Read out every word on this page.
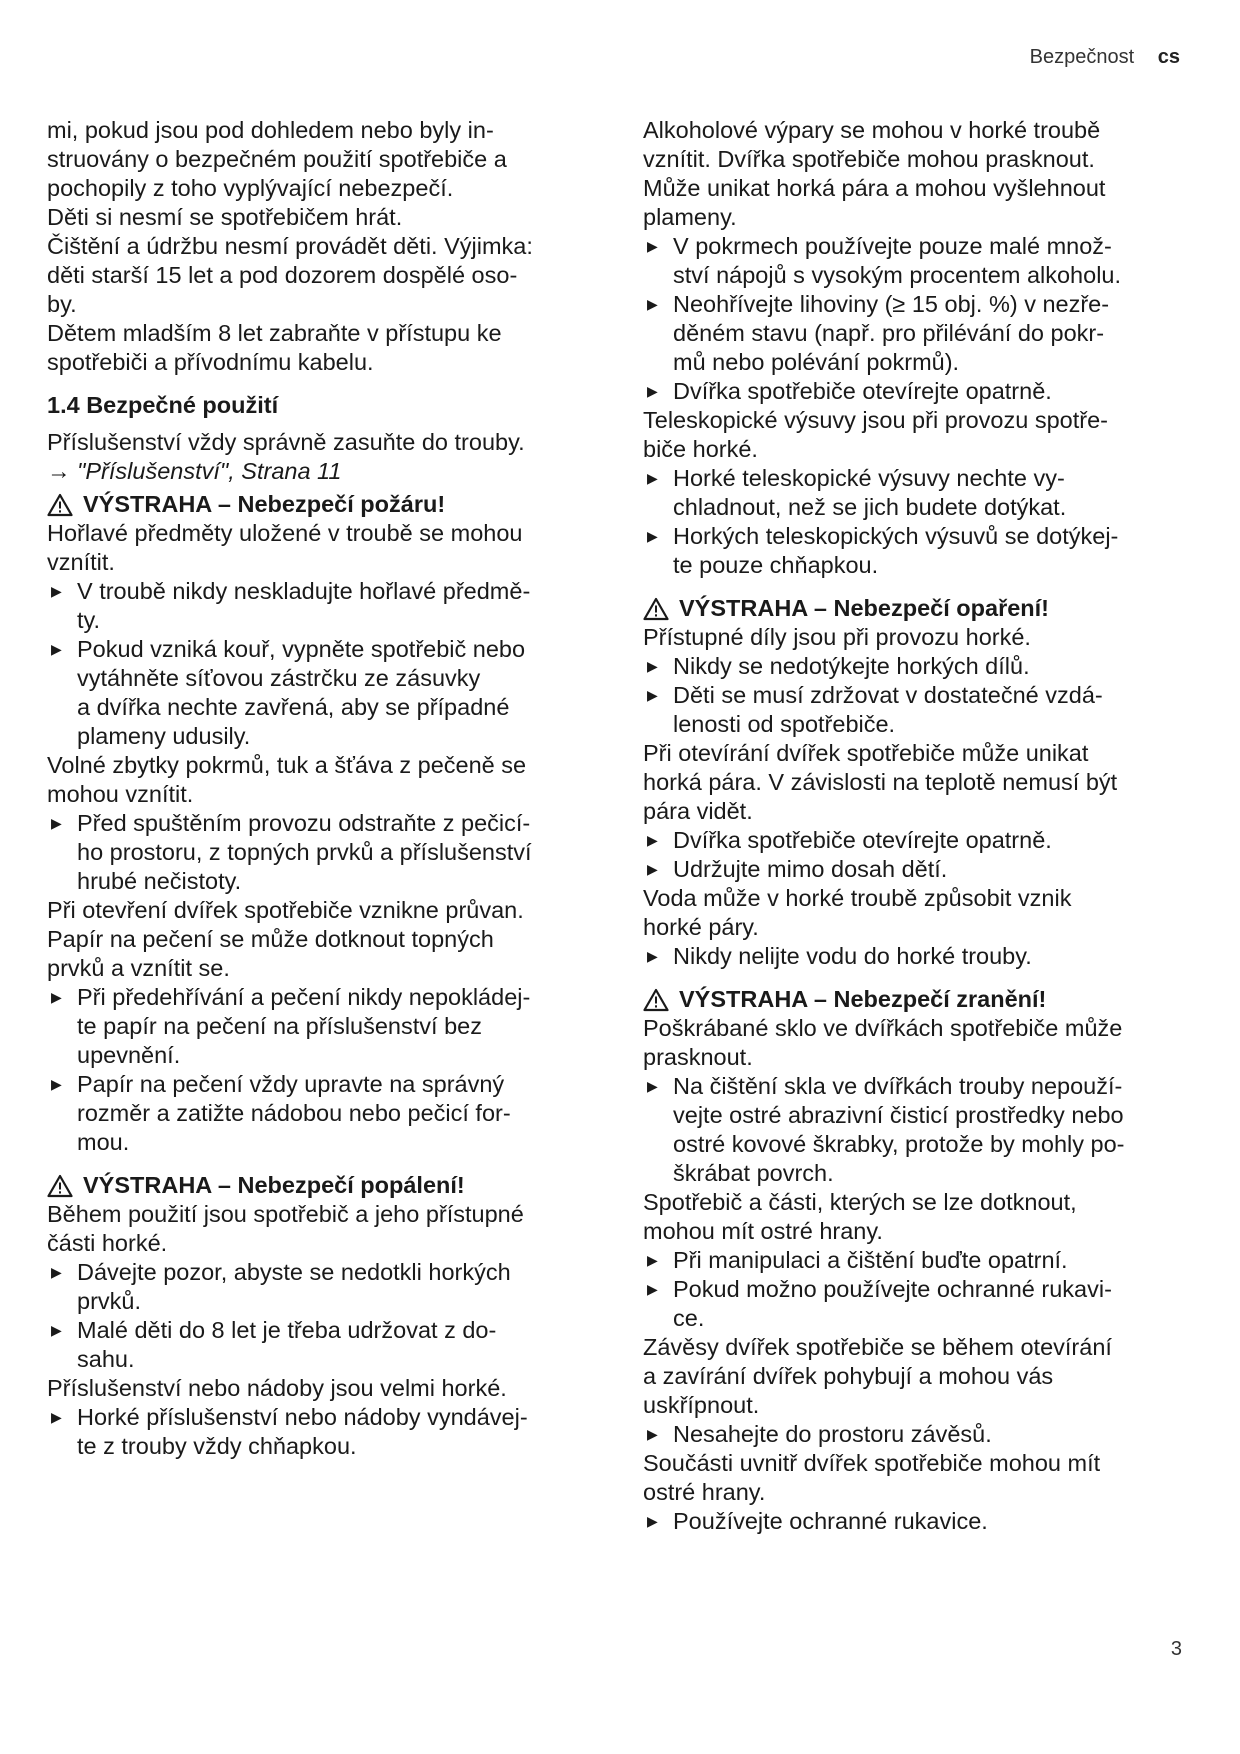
Bezpečnost cs

mi, pokud jsou pod dohledem nebo byly in-

struovány o bezpečném použití spotřebiče a

pochopily z toho vyplývající nebezpečí.

Děti si nesmí se spotřebičem hrát.

Čištění a údržbu nesmí provádět děti. Výjimka:

děti starší 15 let a pod dozorem dospělé oso-

by.

Dětem mladším 8 let zabraňte v přístupu ke

spotřebiči a přívodnímu kabelu.

1.4 Bezpečné použití

Příslušenství vždy správně zasuňte do trouby.

→ "Příslušenství", Strana 11

VÝSTRAHA – Nebezpečí požáru!

Hořlavé předměty uložené v troubě se mohou

vznítit.

▶ V troubě nikdy neskladujte hořlavé předmě-
ty.
▶ Pokud vzniká kouř, vypněte spotřebič nebo
vytáhněte síťovou zástrčku ze zásuvky
a dvířka nechte zavřená, aby se případné
plameny udusily.

Volné zbytky pokrmů, tuk a šťáva z pečeně se

mohou vznítit.

▶ Před spuštěním provozu odstraňte z pečicí-
ho prostoru, z topných prvků a příslušenství
hrubé nečistoty.

Při otevření dvířek spotřebiče vznikne průvan.

Papír na pečení se může dotknout topných

prvků a vznítit se.

▶ Při předehřívání a pečení nikdy nepokládej-
te papír na pečení na příslušenství bez
upevnění.
▶ Papír na pečení vždy upravte na správný
rozměr a zatižte nádobou nebo pečicí for-
mou.

VÝSTRAHA – Nebezpečí popálení!

Během použití jsou spotřebič a jeho přístupné

části horké.

▶ Dávejte pozor, abyste se nedotkli horkých
prvků.
▶ Malé děti do 8 let je třeba udržovat z do-
sahu.

Příslušenství nebo nádoby jsou velmi horké.

▶ Horké příslušenství nebo nádoby vyndávej-
te z trouby vždy chňapkou.

Alkoholové výpary se mohou v horké troubě

vznítit. Dvířka spotřebiče mohou prasknout.

Může unikat horká pára a mohou vyšlehnout

plameny.

▶ V pokrmech používejte pouze malé množ-
ství nápojů s vysokým procentem alkoholu.
▶ Neohřívejte lihoviny (≥ 15 obj. %) v nezře-
děném stavu (např. pro přilévání do pokr-
mů nebo polévání pokrmů).
▶ Dvířka spotřebiče otevírejte opatrně.

Teleskopické výsuvy jsou při provozu spotře-

biče horké.

▶ Horké teleskopické výsuvy nechte vy-
chladnout, než se jich budete dotýkat.
▶ Horkých teleskopických výsuvů se dotýkej-
te pouze chňapkou.

VÝSTRAHA – Nebezpečí opaření!

Přístupné díly jsou při provozu horké.

▶ Nikdy se nedotýkejte horkých dílů.
▶ Děti se musí zdržovat v dostatečné vzdá-
lenosti od spotřebiče.

Při otevírání dvířek spotřebiče může unikat

horká pára. V závislosti na teplotě nemusí být

pára vidět.

▶ Dvířka spotřebiče otevírejte opatrně.
▶ Udržujte mimo dosah dětí.

Voda může v horké troubě způsobit vznik

horké páry.

▶ Nikdy nelijte vodu do horké trouby.

VÝSTRAHA – Nebezpečí zranění!

Poškrábané sklo ve dvířkách spotřebiče může

prasknout.

▶ Na čištění skla ve dvířkách trouby nepouží-
vejte ostré abrazivní čisticí prostředky nebo
ostré kovové škrabky, protože by mohly po-
škrábat povrch.

Spotřebič a části, kterých se lze dotknout,

mohou mít ostré hrany.

▶ Při manipulaci a čištění buďte opatrní.
▶ Pokud možno používejte ochranné rukavi-
ce.

Závěsy dvířek spotřebiče se během otevírání

a zavírání dvířek pohybují a mohou vás

uskřípnout.

▶ Nesahejte do prostoru závěsů.

Součásti uvnitř dvířek spotřebiče mohou mít

ostré hrany.

▶ Používejte ochranné rukavice.
3
